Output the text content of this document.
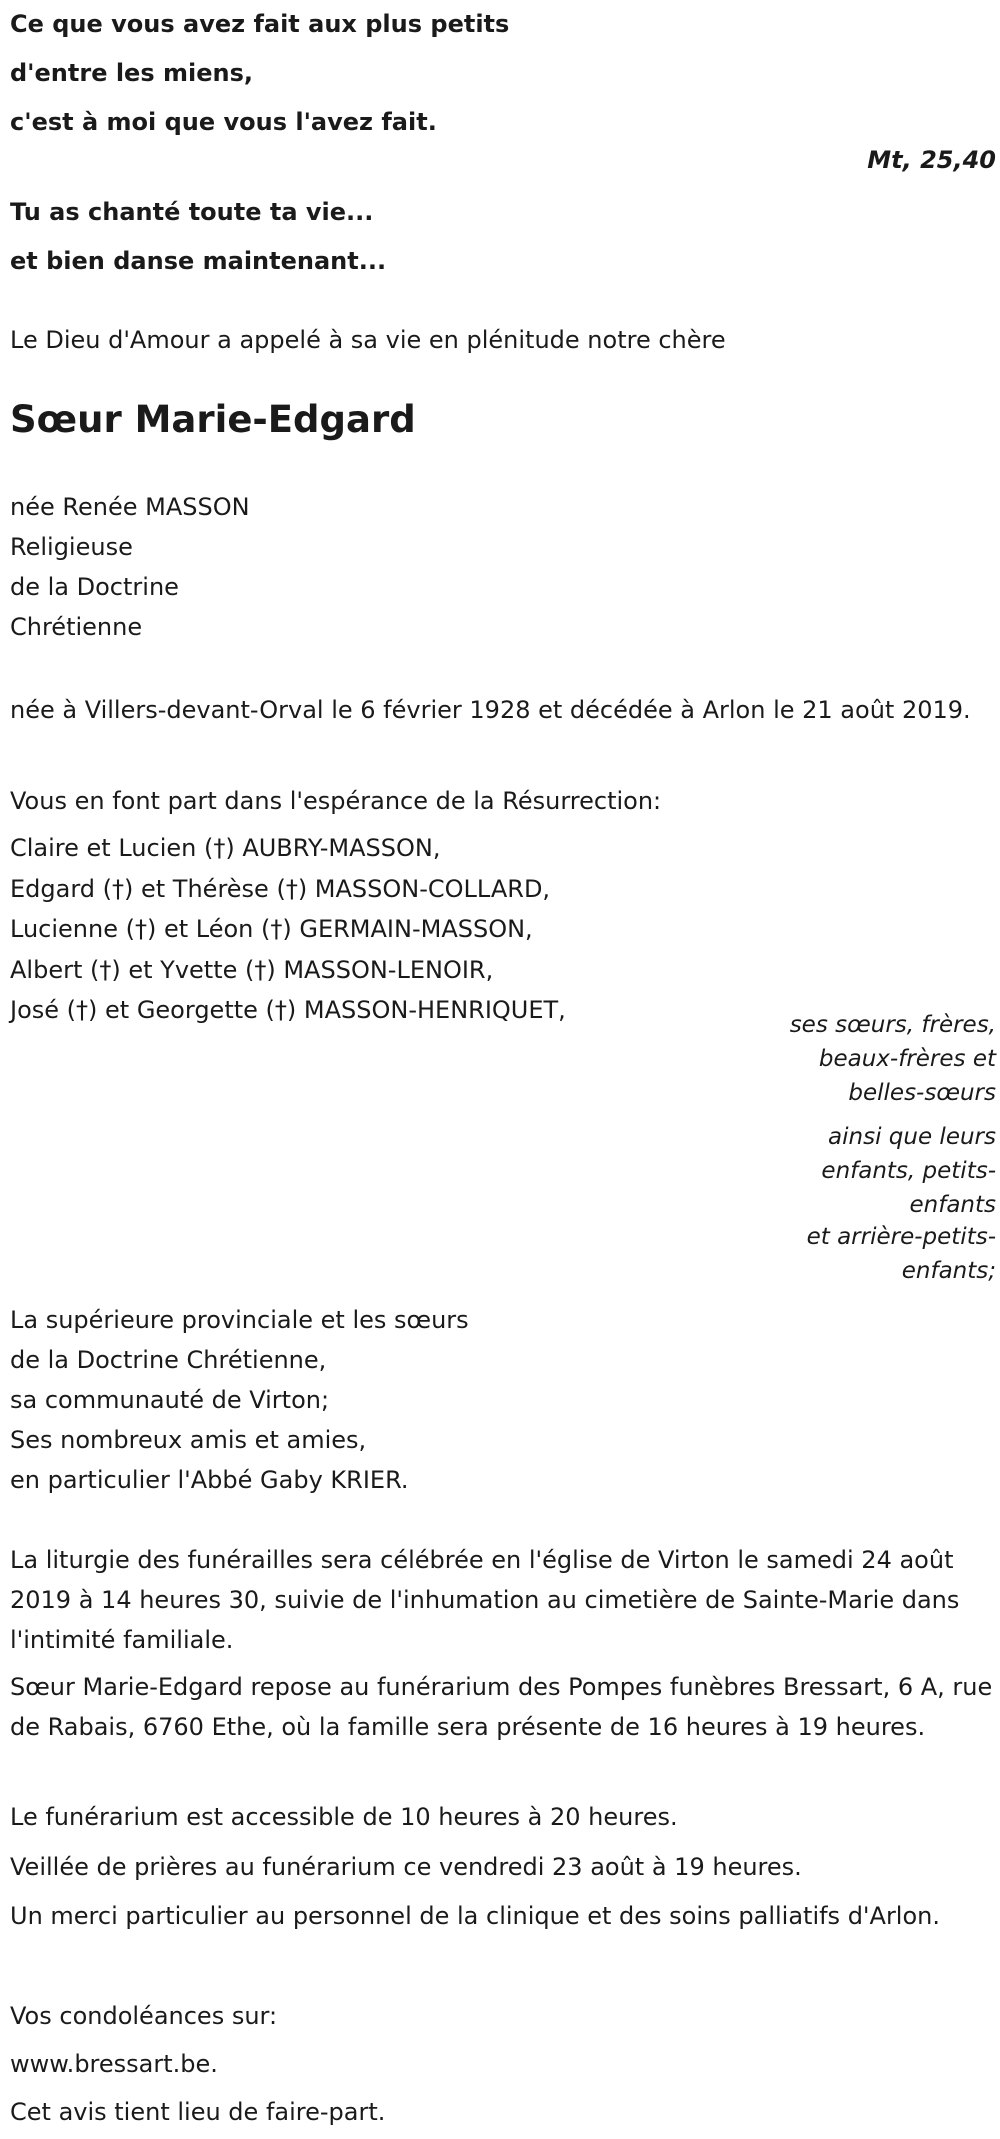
Ce que vous avez fait aux plus petits
d'entre les miens,
c'est à moi que vous l'avez fait.
Mt, 25,40
Tu as chanté toute ta vie...
et bien danse maintenant...
Le Dieu d'Amour a appelé à sa vie en plénitude notre chère
Sœur Marie-Edgard
née Renée MASSON
Religieuse
de la Doctrine
Chrétienne
née à Villers-devant-Orval le 6 février 1928 et décédée à Arlon le 21 août 2019.
Vous en font part dans l'espérance de la Résurrection:
Claire et Lucien (†) AUBRY-MASSON,
Edgard (†) et Thérèse (†) MASSON-COLLARD,
Lucienne (†) et Léon (†) GERMAIN-MASSON,
Albert (†) et Yvette (†) MASSON-LENOIR,
José (†) et Georgette (†) MASSON-HENRIQUET,
ses sœurs, frères, beaux-frères et belles-sœurs
ainsi que leurs enfants, petits-enfants
et arrière-petits-enfants;
La supérieure provinciale et les sœurs
de la Doctrine Chrétienne,
sa communauté de Virton;
Ses nombreux amis et amies,
en particulier l'Abbé Gaby KRIER.

La liturgie des funérailles sera célébrée en l'église de Virton le samedi 24 août 2019 à 14 heures 30, suivie de l'inhumation au cimetière de Sainte-Marie dans l'intimité familiale.

Sœur Marie-Edgard repose au funérarium des Pompes funèbres Bressart, 6 A, rue de Rabais, 6760 Ethe, où la famille sera présente de 16 heures à 19 heures.

Le funérarium est accessible de 10 heures à 20 heures.

Veillée de prières au funérarium ce vendredi 23 août à 19 heures.

Un merci particulier au personnel de la clinique et des soins palliatifs d'Arlon.

Vos condoléances sur:

www.bressart.be.

Cet avis tient lieu de faire-part.
